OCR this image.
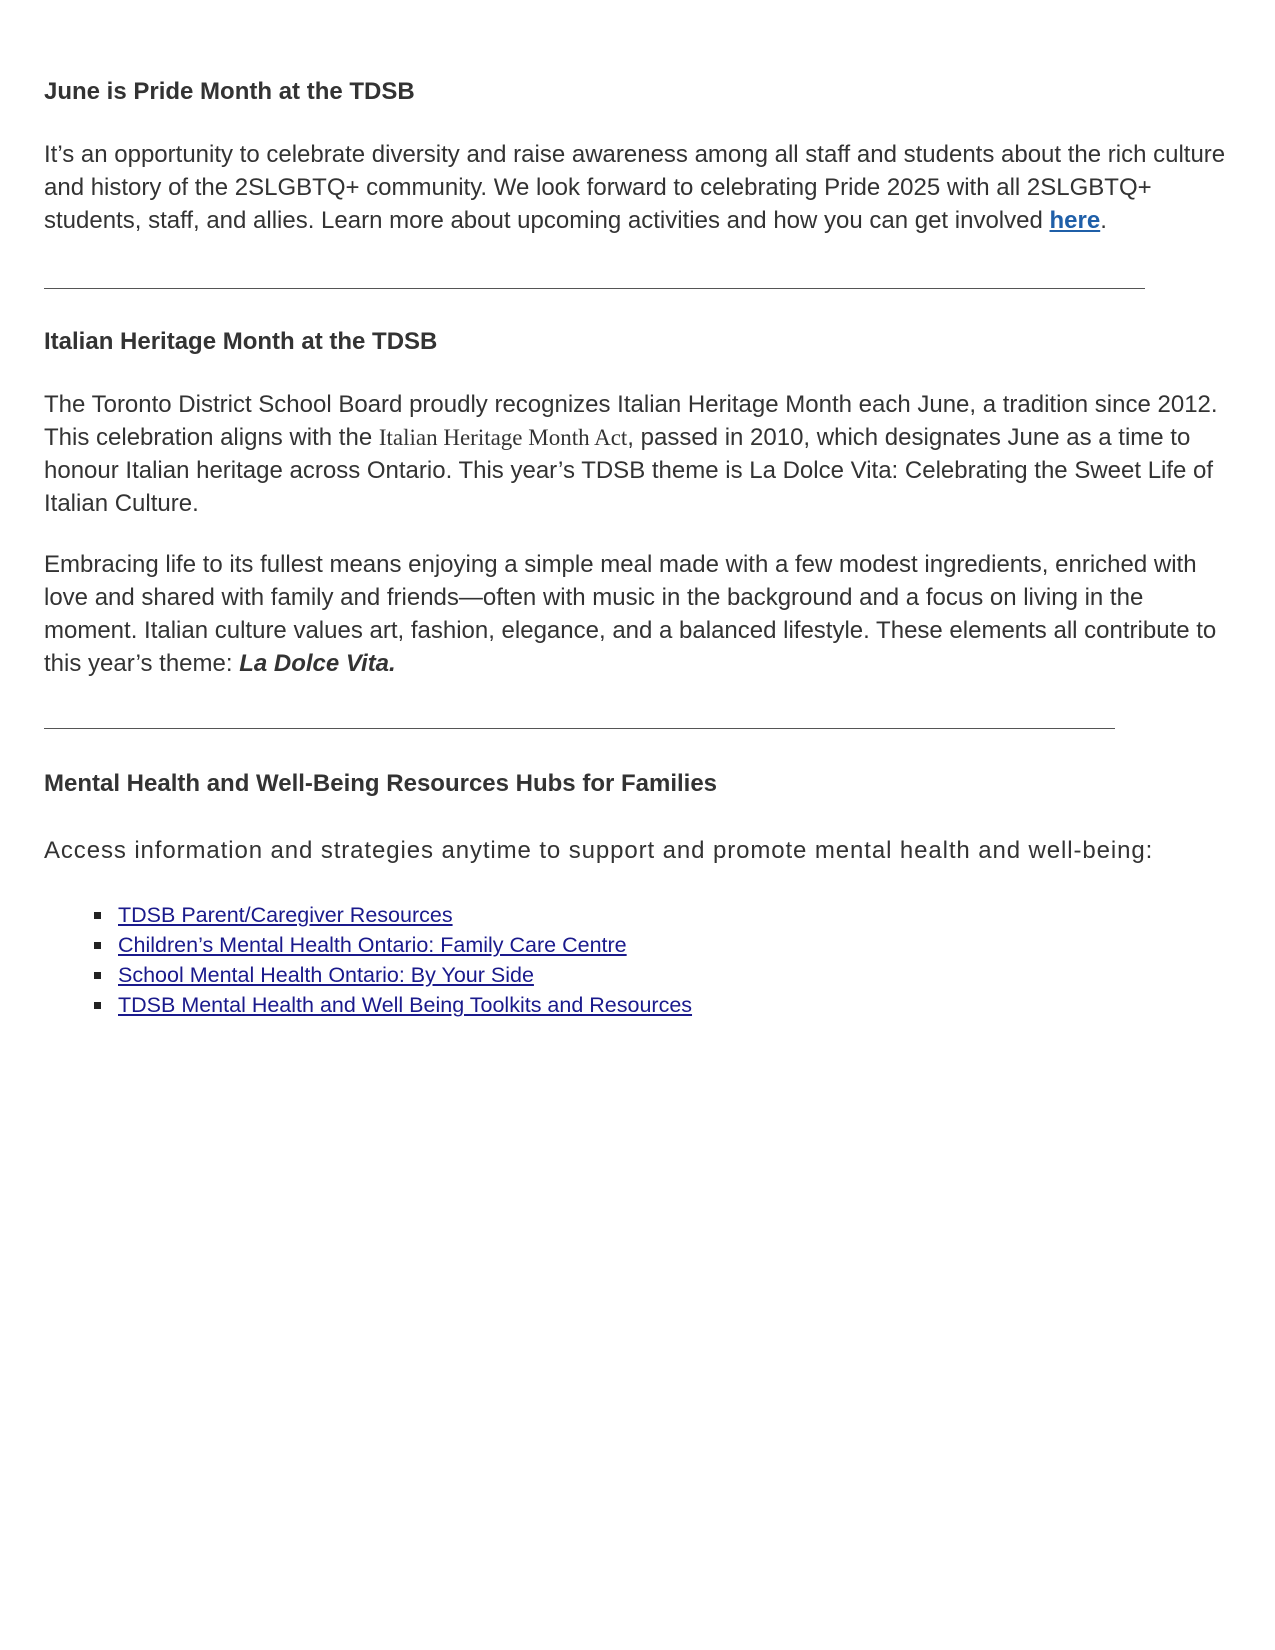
June is Pride Month at the TDSB
It’s an opportunity to celebrate diversity and raise awareness among all staff and students about the rich culture
and history of the 2SLGBTQ+ community. We look forward to celebrating Pride 2025 with all 2SLGBTQ+
students, staff, and allies. Learn more about upcoming activities and how you can get involved here.
Italian Heritage Month at the TDSB
The Toronto District School Board proudly recognizes Italian Heritage Month each June, a tradition since 2012.
This celebration aligns with the Italian Heritage Month Act, passed in 2010, which designates June as a time to
honour Italian heritage across Ontario. This year’s TDSB theme is La Dolce Vita: Celebrating the Sweet Life of
Italian Culture.
Embracing life to its fullest means enjoying a simple meal made with a few modest ingredients, enriched with
love and shared with family and friends—often with music in the background and a focus on living in the
moment. Italian culture values art, fashion, elegance, and a balanced lifestyle. These elements all contribute to
this year’s theme: La Dolce Vita.
Mental Health and Well-Being Resources Hubs for Families
Access information and strategies anytime to support and promote mental health and well-being:
TDSB Parent/Caregiver Resources
Children’s Mental Health Ontario: Family Care Centre
School Mental Health Ontario: By Your Side
TDSB Mental Health and Well Being Toolkits and Resources
